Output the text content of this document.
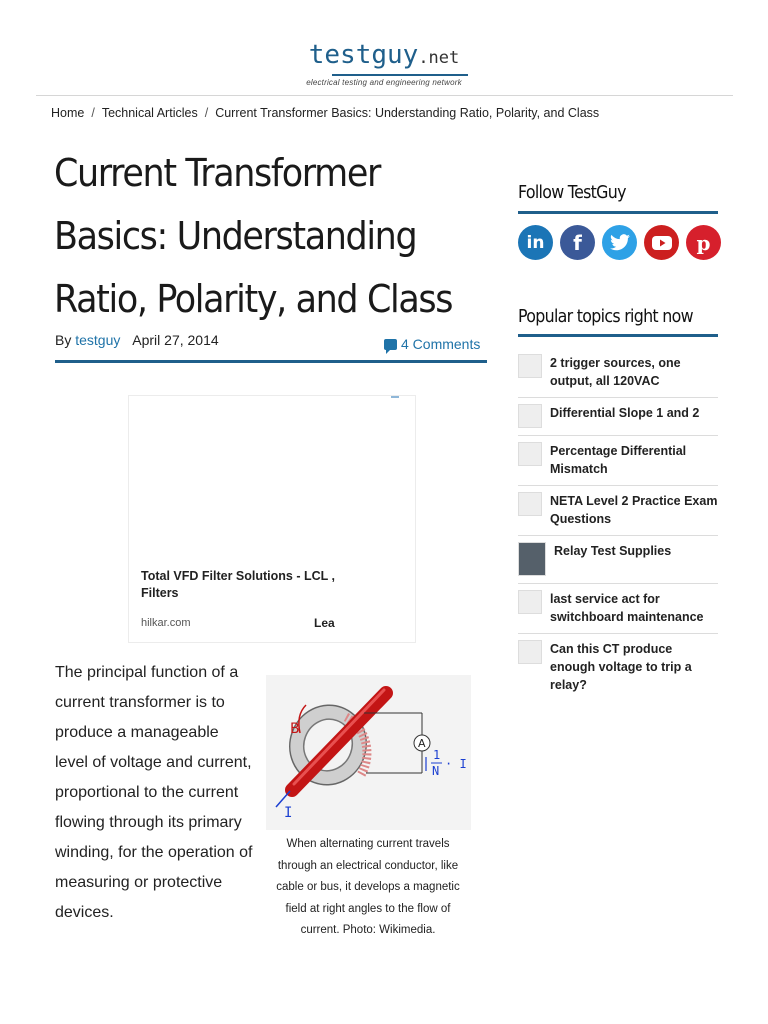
testguy.net
electrical testing and engineering network
Home / Technical Articles / Current Transformer Basics: Understanding Ratio, Polarity, and Class
Current Transformer Basics: Understanding Ratio, Polarity, and Class
By testguy April 27, 2014	4 Comments
Total VFD Filter Solutions - LCL , Filters
hilkar.com	Lea

The principal function of a current transformer is to produce a manageable level of voltage and current, proportional to the current flowing through its primary winding, for the operation of measuring or protective devices.

B
I
A
1
N · I

When alternating current travels through an electrical conductor, like cable or bus, it develops a magnetic field at right angles to the flow of current. Photo: Wikimedia.

Follow TestGuy
in f	p
Popular topics right now
2 trigger sources, one output, all 120VAC
Differential Slope 1 and 2
Percentage Differential Mismatch
NETA Level 2 Practice Exam Questions
Relay Test Supplies
last service act for switchboard maintenance
Can this CT produce enough voltage to trip a relay?
